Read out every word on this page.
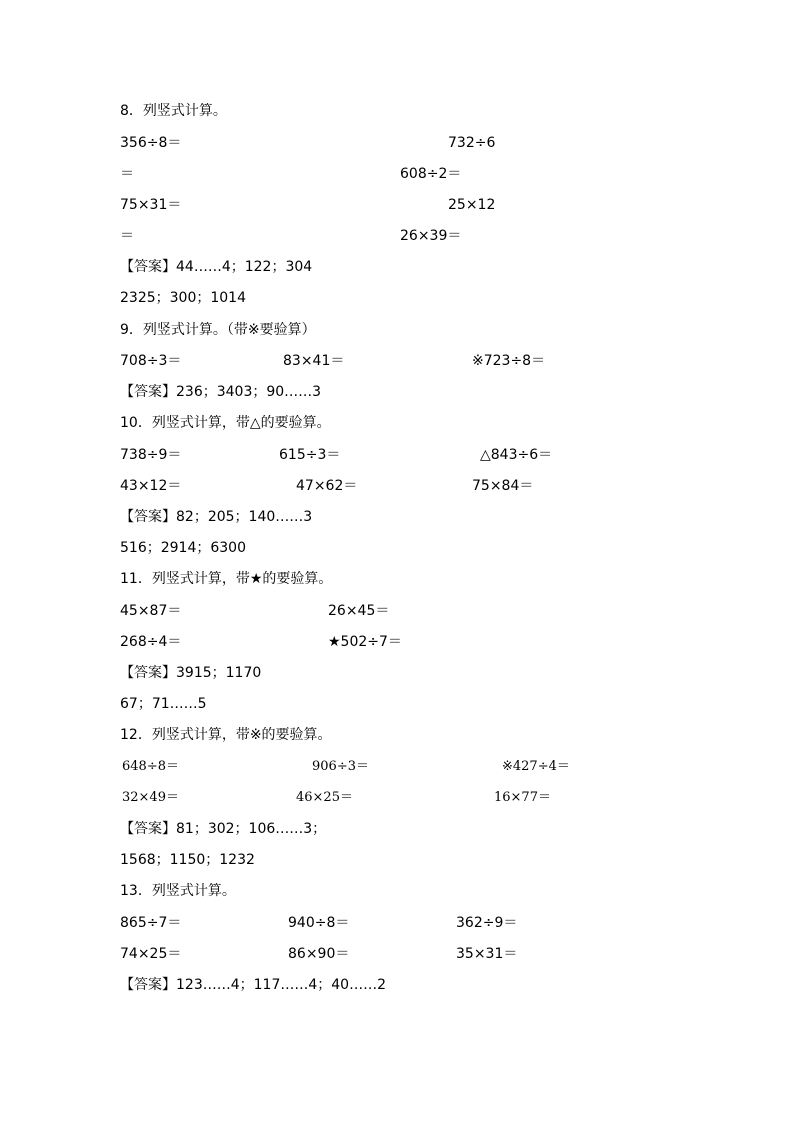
8．列竖式计算。
356÷8＝	732÷6
＝	608÷2＝
75×31＝	25×12
＝	26×39＝
【答案】44……4；122；304
2325；300；1014
9．列竖式计算。（带※要验算）
708÷3＝	83×41＝	※723÷8＝
【答案】236；3403；90……3
10．列竖式计算，带△的要验算。
738÷9＝	615÷3＝	△843÷6＝
43×12＝	47×62＝	75×84＝
【答案】82；205；140……3
516；2914；6300
11．列竖式计算，带★的要验算。
45×87＝	26×45＝
268÷4＝	★502÷7＝
【答案】3915；1170
67；71……5
12．列竖式计算，带※的要验算。
648÷8＝	906÷3＝	※427÷4＝
32×49＝	46×25＝	16×77＝
【答案】81；302；106……3；
1568；1150；1232
13．列竖式计算。
865÷7＝	940÷8＝	362÷9＝
74×25＝	86×90＝	35×31＝
【答案】123……4；117……4；40……2
